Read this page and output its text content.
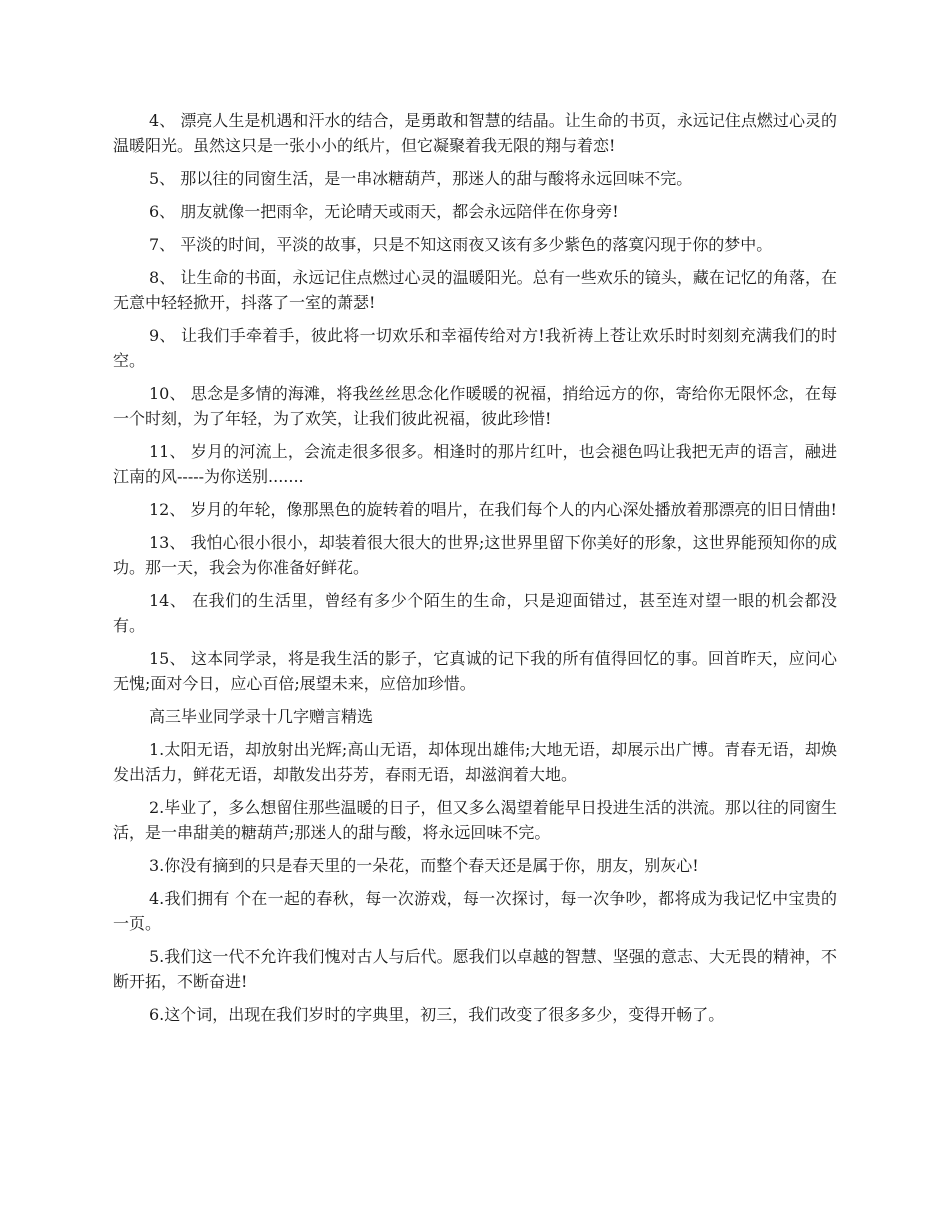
4、 漂亮人生是机遇和汗水的结合，是勇敢和智慧的结晶。让生命的书页，永远记住点燃过心灵的温暖阳光。虽然这只是一张小小的纸片，但它凝聚着我无限的翔与着恋!

5、 那以往的同窗生活，是一串冰糖葫芦，那迷人的甜与酸将永远回味不完。

6、 朋友就像一把雨伞，无论晴天或雨天，都会永远陪伴在你身旁!

7、 平淡的时间，平淡的故事，只是不知这雨夜又该有多少紫色的落寞闪现于你的梦中。

8、 让生命的书面，永远记住点燃过心灵的温暖阳光。总有一些欢乐的镜头，藏在记忆的角落，在无意中轻轻掀开，抖落了一室的萧瑟!

9、 让我们手牵着手，彼此将一切欢乐和幸福传给对方!我祈祷上苍让欢乐时时刻刻充满我们的时空。

10、 思念是多情的海滩，将我丝丝思念化作暖暖的祝福，捎给远方的你，寄给你无限怀念，在每一个时刻，为了年轻，为了欢笑，让我们彼此祝福，彼此珍惜!

11、 岁月的河流上，会流走很多很多。相逢时的那片红叶，也会褪色吗让我把无声的语言，融进江南的风-----为你送别.......

12、 岁月的年轮，像那黑色的旋转着的唱片，在我们每个人的内心深处播放着那漂亮的旧日情曲!

13、 我怕心很小很小，却装着很大很大的世界;这世界里留下你美好的形象，这世界能预知你的成功。那一天，我会为你准备好鲜花。

14、 在我们的生活里，曾经有多少个陌生的生命，只是迎面错过，甚至连对望一眼的机会都没有。

15、 这本同学录，将是我生活的影子，它真诚的记下我的所有值得回忆的事。回首昨天，应问心无愧;面对今日，应心百倍;展望未来，应倍加珍惜。

高三毕业同学录十几字赠言精选

1.太阳无语，却放射出光辉;高山无语，却体现出雄伟;大地无语，却展示出广博。青春无语，却焕发出活力，鲜花无语，却散发出芬芳，春雨无语，却滋润着大地。

2.毕业了，多么想留住那些温暖的日子，但又多么渴望着能早日投进生活的洪流。那以往的同窗生活，是一串甜美的糖葫芦;那迷人的甜与酸，将永远回味不完。

3.你没有摘到的只是春天里的一朵花，而整个春天还是属于你，朋友，别灰心!

4.我们拥有 个在一起的春秋，每一次游戏，每一次探讨，每一次争吵，都将成为我记忆中宝贵的一页。

5.我们这一代不允许我们愧对古人与后代。愿我们以卓越的智慧、坚强的意志、大无畏的精神，不断开拓，不断奋进!

6.这个词，出现在我们岁时的字典里，初三，我们改变了很多多少，变得开畅了。
